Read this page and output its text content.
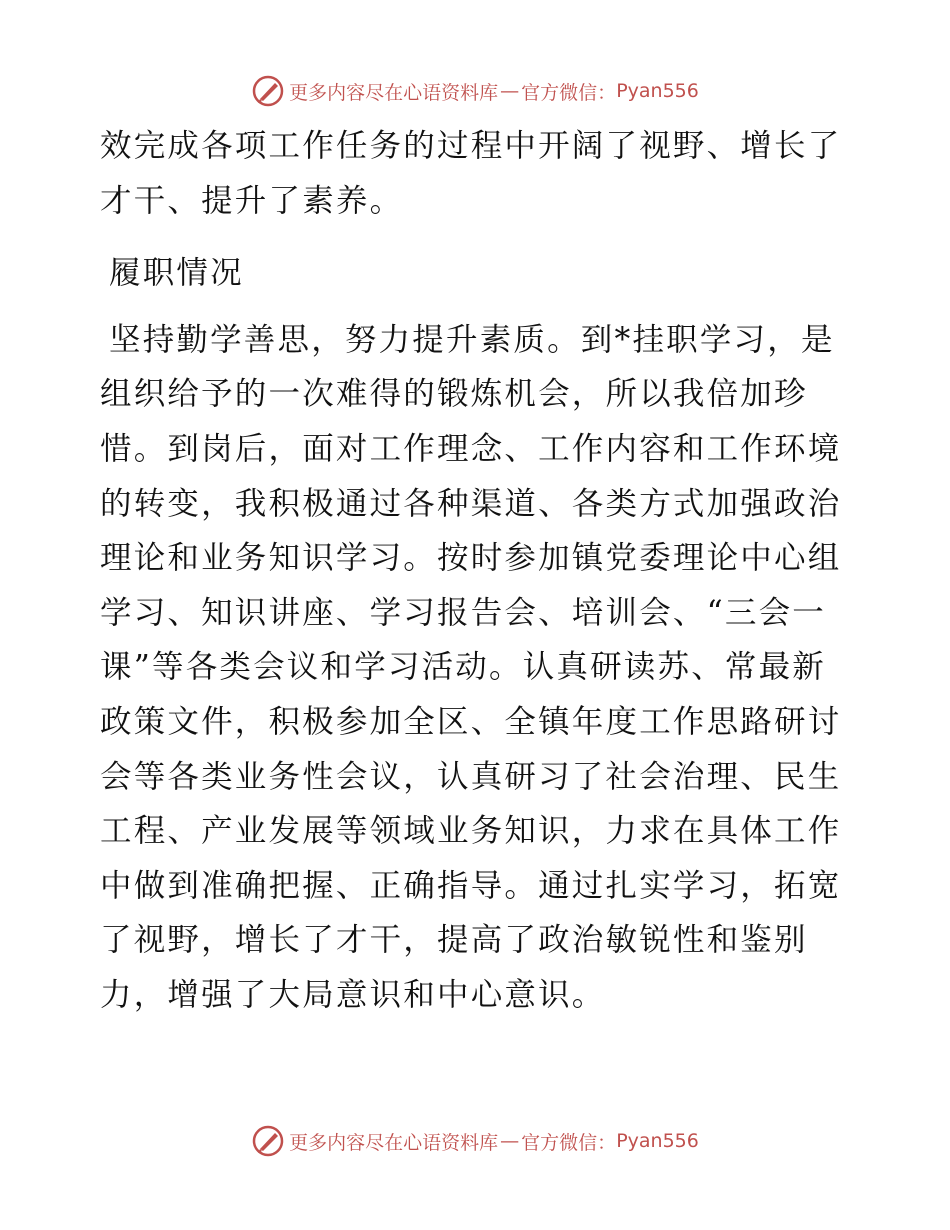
更多内容尽在心语资料库 — 官方微信： Pyan556
效完成各项工作任务的过程中开阔了视野、增长了
才干、提升了素养。
履职情况
坚持勤学善思，努力提升素质。到*挂职学习，是
组织给予的一次难得的锻炼机会，所以我倍加珍
惜。到岗后，面对工作理念、工作内容和工作环境
的转变，我积极通过各种渠道、各类方式加强政治
理论和业务知识学习。按时参加镇党委理论中心组
学习、知识讲座、学习报告会、培训会、“三会一
课”等各类会议和学习活动。认真研读苏、常最新
政策文件，积极参加全区、全镇年度工作思路研讨
会等各类业务性会议，认真研习了社会治理、民生
工程、产业发展等领域业务知识，力求在具体工作
中做到准确把握、正确指导。通过扎实学习，拓宽
了视野，增长了才干，提高了政治敏锐性和鉴别
力，增强了大局意识和中心意识。
更多内容尽在心语资料库 — 官方微信： Pyan556
